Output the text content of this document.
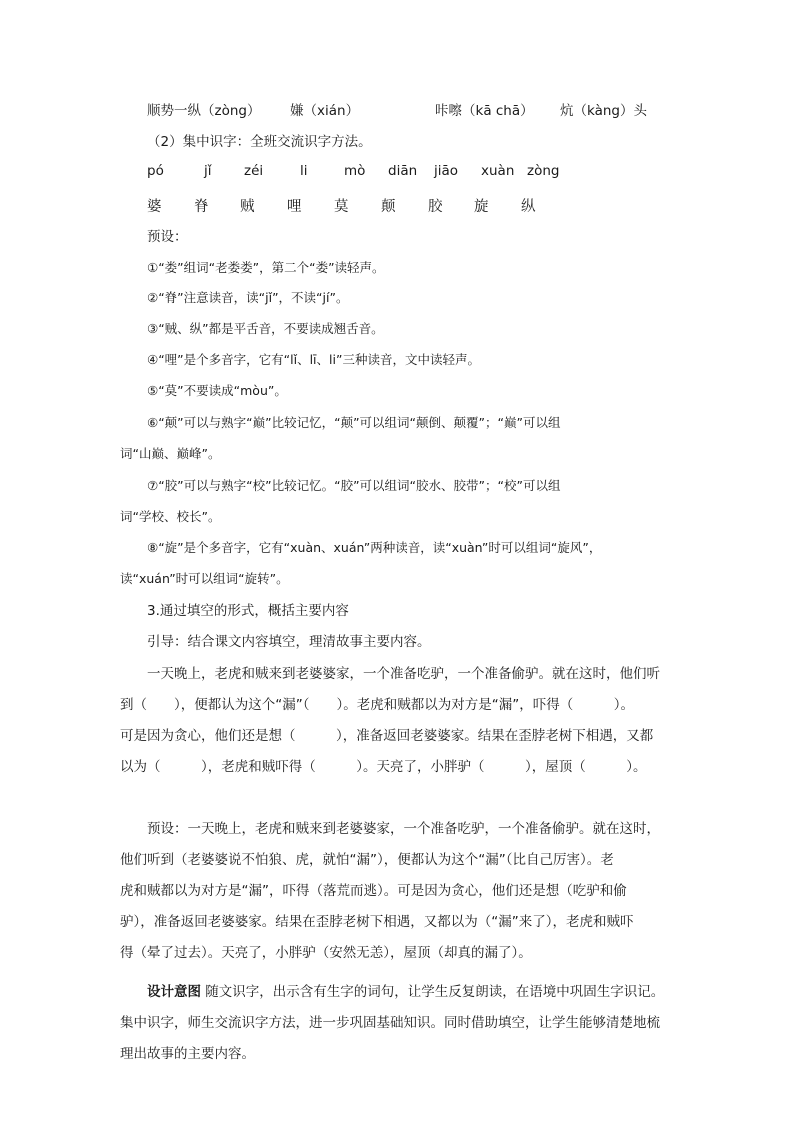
顺势一纵（zòng） 嫌（xián）	咔嚓（kā chā） 炕（kàng）头
（2）集中识字：全班交流识字方法。
pó	jǐ zéi	li	mò diān jiāo xuàn zòng
婆 脊 贼 哩 莫 颠 胶 旋 纵
预设：
①“娄”组词“老娄娄”，第二个“娄”读轻声。
②“脊”注意读音，读“jǐ”，不读“jí”。
③“贼、纵”都是平舌音，不要读成翘舌音。
④“哩”是个多音字，它有“lǐ、lī、li”三种读音，文中读轻声。
⑤“莫”不要读成“mòu”。
⑥“颠”可以与熟字“巅”比较记忆，“颠”可以组词“颠倒、颠覆”；“巅”可以组
词“山巅、巅峰”。
⑦“胶”可以与熟字“校”比较记忆。“胶”可以组词“胶水、胶带”；“校”可以组
词“学校、校长”。
⑧“旋”是个多音字，它有“xuàn、xuán”两种读音，读“xuàn”时可以组词“旋风”，
读“xuán”时可以组词“旋转”。
3.通过填空的形式，概括主要内容
引导：结合课文内容填空，理清故事主要内容。
一天晚上，老虎和贼来到老婆婆家，一个准备吃驴，一个准备偷驴。就在这时，他们听
到（　　），便都认为这个“漏”（　　）。老虎和贼都以为对方是“漏”，吓得（　　　）。
可是因为贪心，他们还是想（　　　），准备返回老婆婆家。结果在歪脖老树下相遇，又都
以为（　　　），老虎和贼吓得（　　　）。天亮了，小胖驴（　　　），屋顶（　　　）。
预设：一天晚上，老虎和贼来到老婆婆家，一个准备吃驴，一个准备偷驴。就在这时，
他们听到（老婆婆说不怕狼、虎，就怕“漏”），便都认为这个“漏”（比自己厉害）。老
虎和贼都以为对方是“漏”，吓得（落荒而逃）。可是因为贪心，他们还是想（吃驴和偷
驴），准备返回老婆婆家。结果在歪脖老树下相遇，又都以为（“漏”来了），老虎和贼吓
得（晕了过去）。天亮了，小胖驴（安然无恙），屋顶（却真的漏了）。
设计意图 随文识字，出示含有生字的词句，让学生反复朗读，在语境中巩固生字识记。
集中识字，师生交流识字方法，进一步巩固基础知识。同时借助填空，让学生能够清楚地梳
理出故事的主要内容。
